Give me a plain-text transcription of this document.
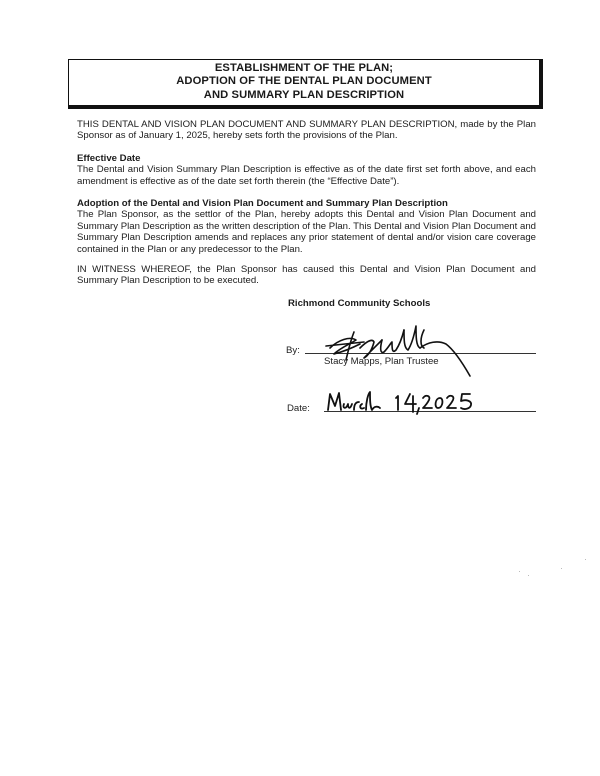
ESTABLISHMENT OF THE PLAN;
ADOPTION OF THE DENTAL PLAN DOCUMENT
AND SUMMARY PLAN DESCRIPTION
THIS DENTAL AND VISION PLAN DOCUMENT AND SUMMARY PLAN DESCRIPTION, made by the Plan Sponsor as of January 1, 2025, hereby sets forth the provisions of the Plan.
Effective Date
The Dental and Vision Summary Plan Description is effective as of the date first set forth above, and each amendment is effective as of the date set forth therein (the “Effective Date”).
Adoption of the Dental and Vision Plan Document and Summary Plan Description
The Plan Sponsor, as the settlor of the Plan, hereby adopts this Dental and Vision Plan Document and Summary Plan Description as the written description of the Plan. This Dental and Vision Plan Document and Summary Plan Description amends and replaces any prior statement of dental and/or vision care coverage contained in the Plan or any predecessor to the Plan.
IN WITNESS WHEREOF, the Plan Sponsor has caused this Dental and Vision Plan Document and Summary Plan Description to be executed.
Richmond Community Schools
By:
Stacy Mapps, Plan Trustee
Date:
